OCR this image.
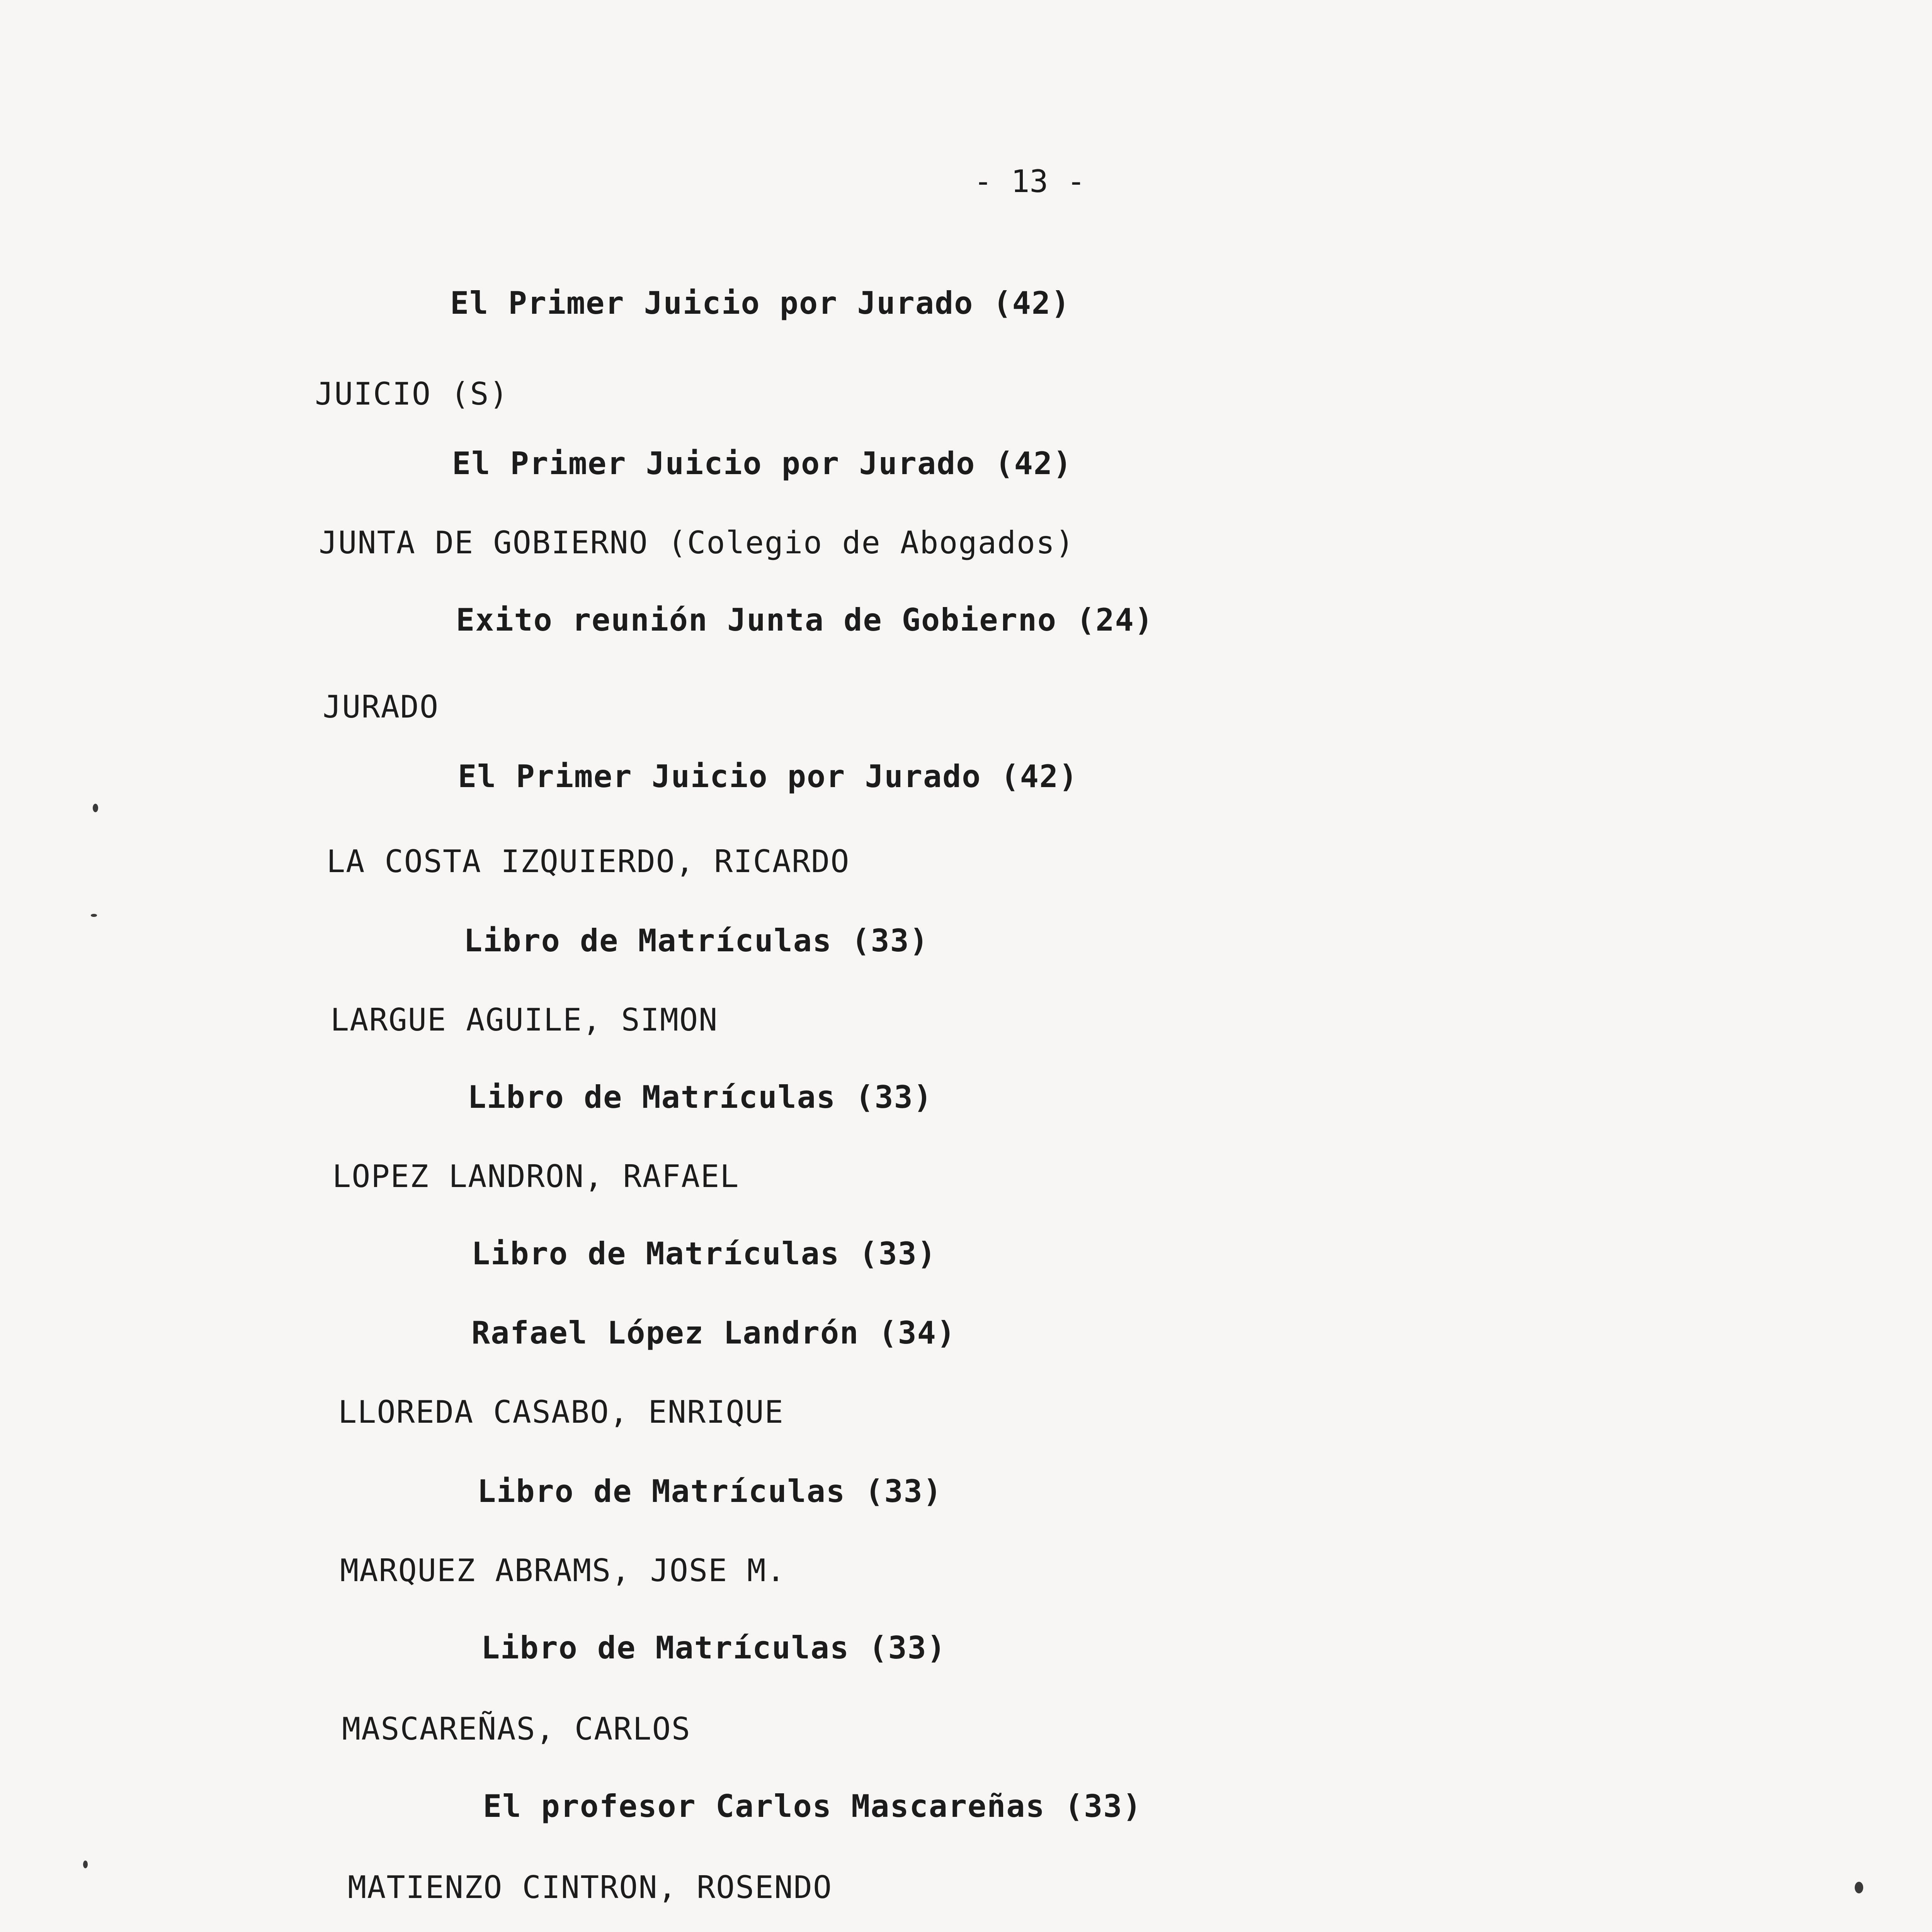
- 13 -
El Primer Juicio por Jurado (42)
JUICIO (S)
El Primer Juicio por Jurado (42)
JUNTA DE GOBIERNO (Colegio de Abogados)
Exito reunión Junta de Gobierno (24)
JURADO
El Primer Juicio por Jurado (42)
LA COSTA IZQUIERDO, RICARDO
Libro de Matrículas (33)
LARGUE AGUILE, SIMON
Libro de Matrículas (33)
LOPEZ LANDRON, RAFAEL
Libro de Matrículas (33)
Rafael López Landrón (34)
LLOREDA CASABO, ENRIQUE
Libro de Matrículas (33)
MARQUEZ ABRAMS, JOSE M.
Libro de Matrículas (33)
MASCAREÑAS, CARLOS
El profesor Carlos Mascareñas (33)
MATIENZO CINTRON, ROSENDO
